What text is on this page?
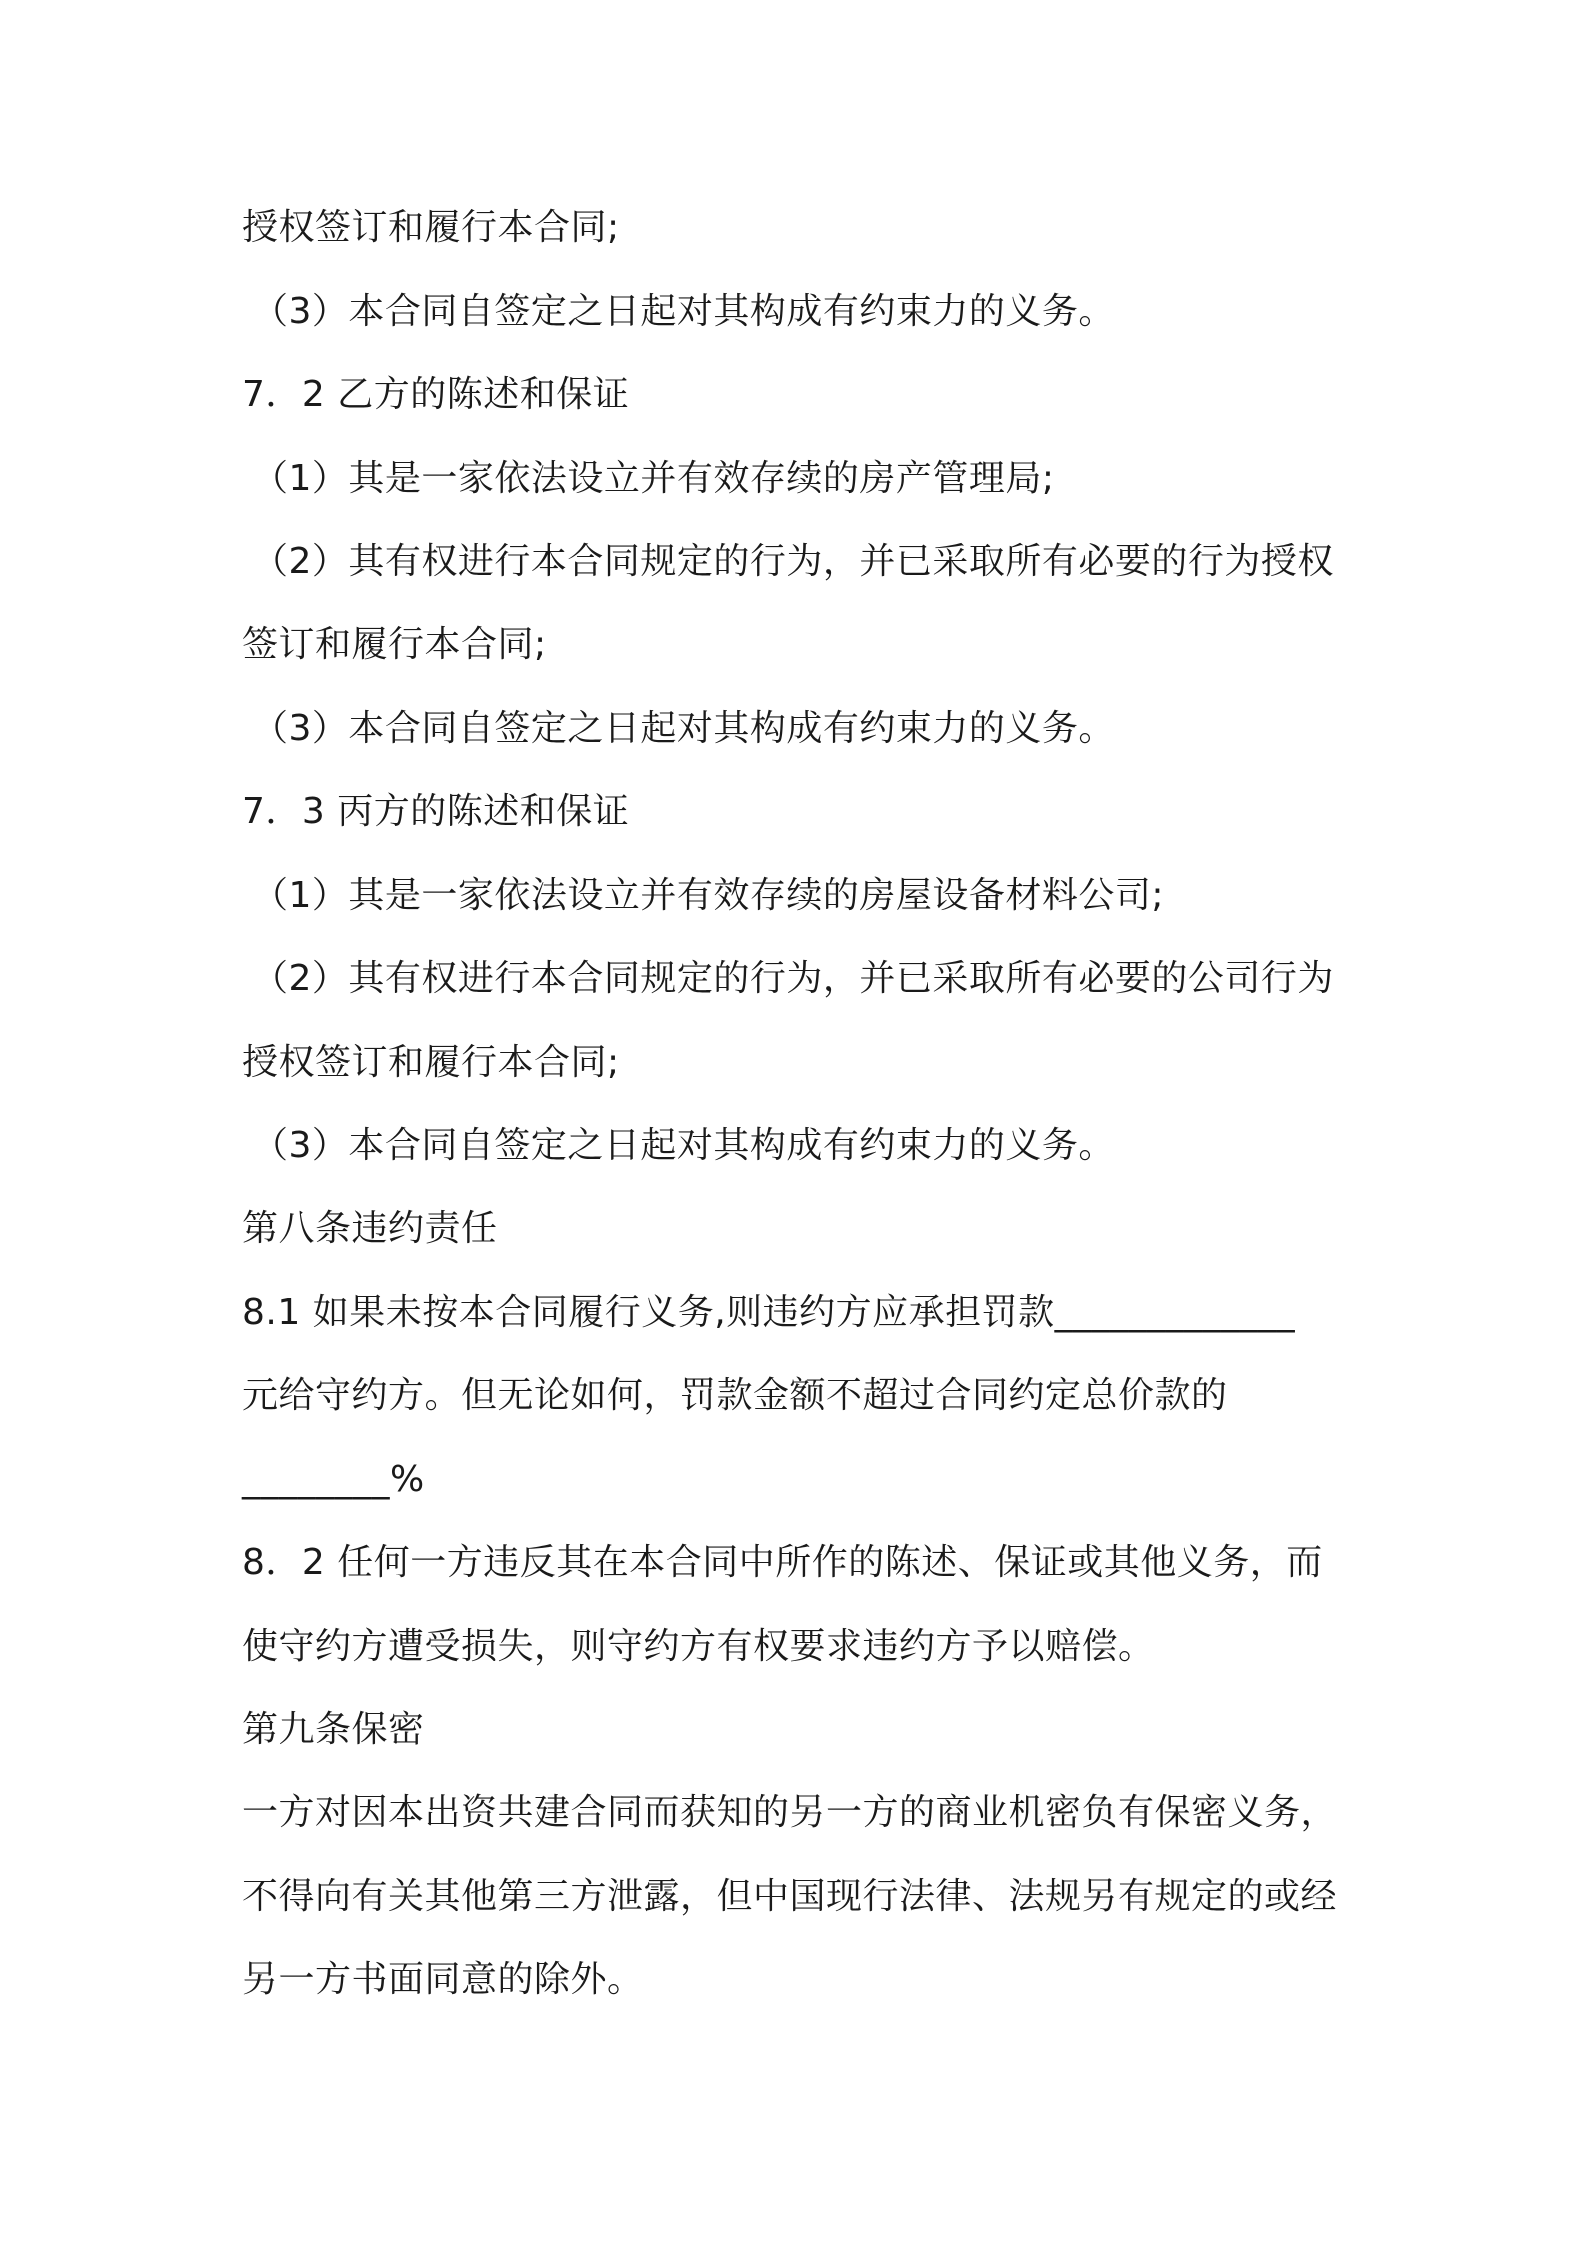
授权签订和履行本合同;
（3）本合同自签定之日起对其构成有约束力的义务。
7．2 乙方的陈述和保证
（1）其是一家依法设立并有效存续的房产管理局;
（2）其有权进行本合同规定的行为，并已采取所有必要的行为授权
签订和履行本合同;
（3）本合同自签定之日起对其构成有约束力的义务。
7．3 丙方的陈述和保证
（1）其是一家依法设立并有效存续的房屋设备材料公司;
（2）其有权进行本合同规定的行为，并已采取所有必要的公司行为
授权签订和履行本合同;
（3）本合同自签定之日起对其构成有约束力的义务。
第八条违约责任
8.1 如果未按本合同履行义务,则违约方应承担罚款_____________
元给守约方。但无论如何，罚款金额不超过合同约定总价款的
________%
8．2 任何一方违反其在本合同中所作的陈述、保证或其他义务，而
使守约方遭受损失，则守约方有权要求违约方予以赔偿。
第九条保密
一方对因本出资共建合同而获知的另一方的商业机密负有保密义务，
不得向有关其他第三方泄露，但中国现行法律、法规另有规定的或经
另一方书面同意的除外。
